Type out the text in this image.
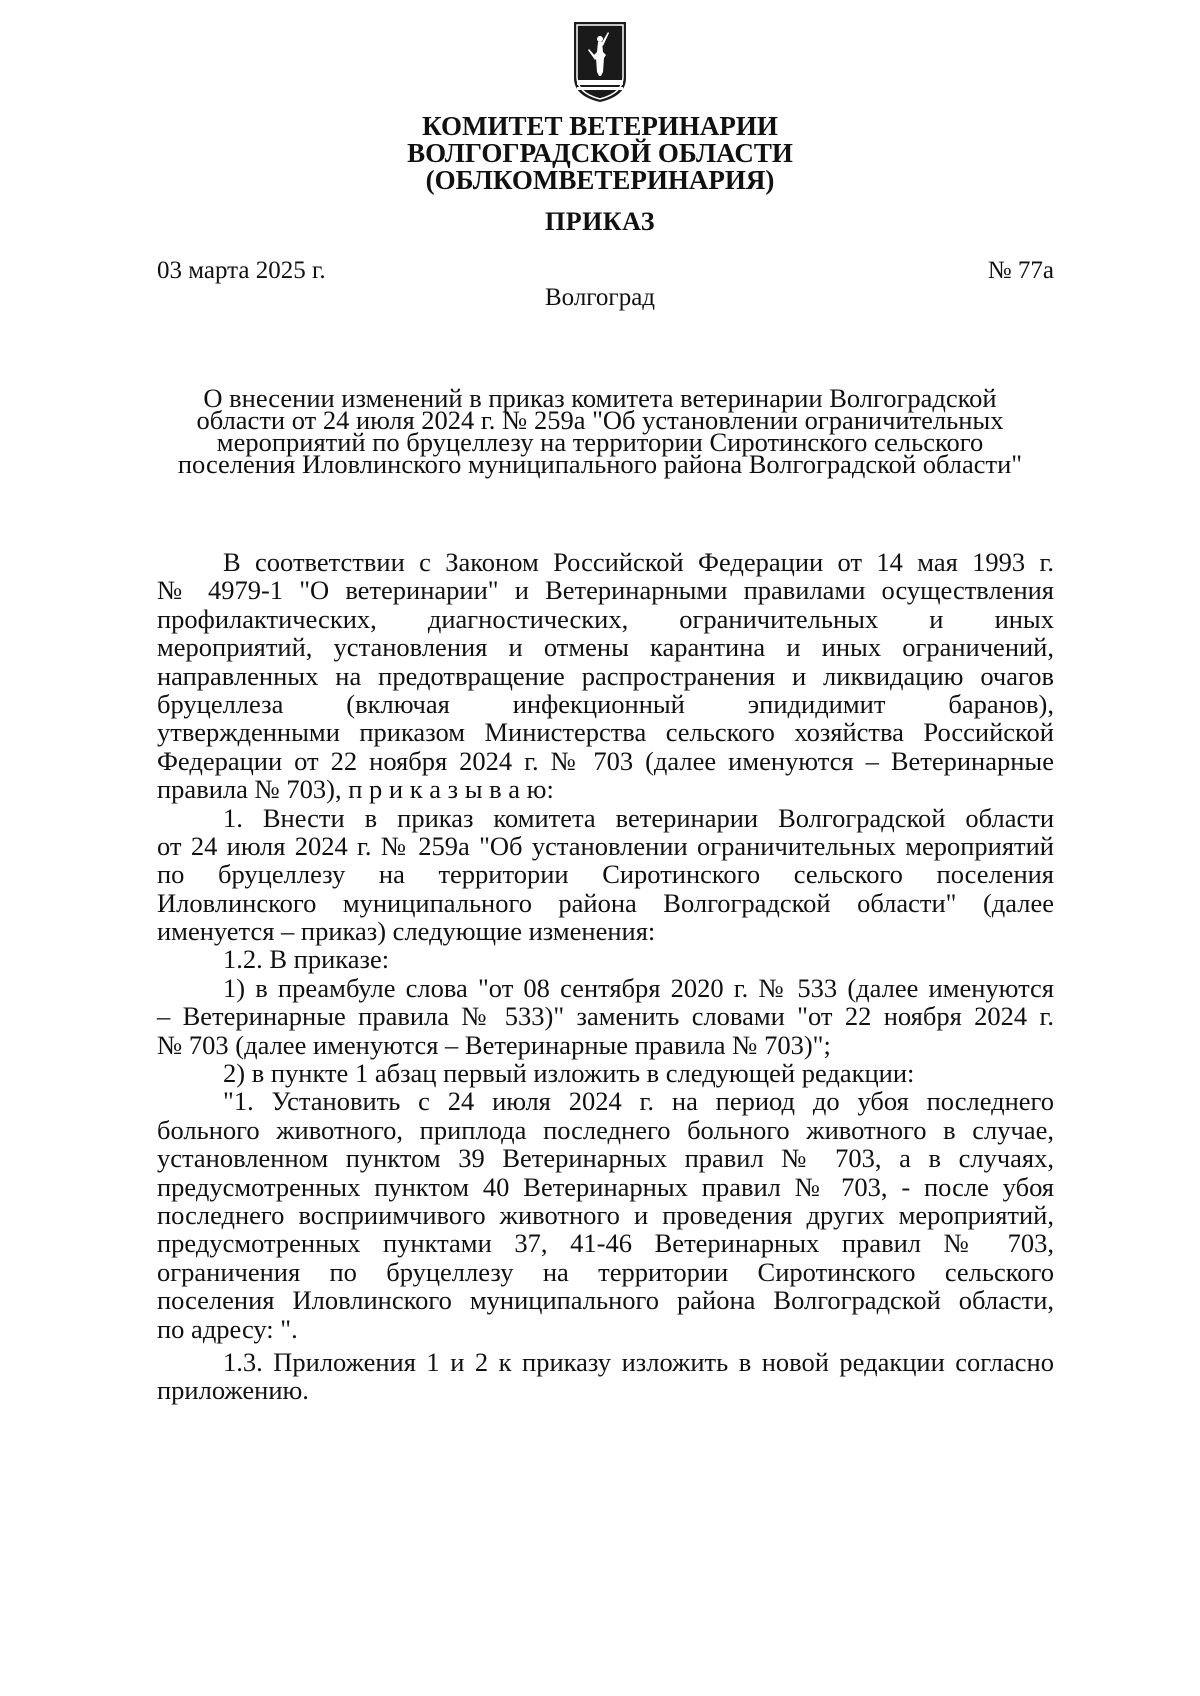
КОМИТЕТ ВЕТЕРИНАРИИ
ВОЛГОГРАДСКОЙ ОБЛАСТИ
(ОБЛКОМВЕТЕРИНАРИЯ)
ПРИКАЗ
03 марта 2025 г.	№ 77а
Волгоград
О внесении изменений в приказ комитета ветеринарии Волгоградской
области от 24 июля 2024 г. № 259а "Об установлении ограничительных
мероприятий по бруцеллезу на территории Сиротинского сельского
поселения Иловлинского муниципального района Волгоградской области"
В соответствии с Законом Российской Федерации от 14 мая 1993 г.
№ 4979-1 "О ветеринарии" и Ветеринарными правилами осуществления
профилактических, диагностических, ограничительных и иных
мероприятий, установления и отмены карантина и иных ограничений,
направленных на предотвращение распространения и ликвидацию очагов
бруцеллеза (включая инфекционный эпидидимит баранов),
утвержденными приказом Министерства сельского хозяйства Российской
Федерации от 22 ноября 2024 г. № 703 (далее именуются – Ветеринарные
правила № 703), п р и к а з ы в а ю:
1. Внести в приказ комитета ветеринарии Волгоградской области
от 24 июля 2024 г. № 259а "Об установлении ограничительных мероприятий
по бруцеллезу на территории Сиротинского сельского поселения
Иловлинского муниципального района Волгоградской области" (далее
именуется – приказ) следующие изменения:
1.2. В приказе:
1) в преамбуле слова "от 08 сентября 2020 г. № 533 (далее именуются
– Ветеринарные правила № 533)" заменить словами "от 22 ноября 2024 г.
№ 703 (далее именуются – Ветеринарные правила № 703)";
2) в пункте 1 абзац первый изложить в следующей редакции:
"1. Установить с 24 июля 2024 г. на период до убоя последнего
больного животного, приплода последнего больного животного в случае,
установленном пунктом 39 Ветеринарных правил № 703, а в случаях,
предусмотренных пунктом 40 Ветеринарных правил № 703, - после убоя
последнего восприимчивого животного и проведения других мероприятий,
предусмотренных пунктами 37, 41-46 Ветеринарных правил № 703,
ограничения по бруцеллезу на территории Сиротинского сельского
поселения Иловлинского муниципального района Волгоградской области,
по адресу: ".
1.3. Приложения 1 и 2 к приказу изложить в новой редакции согласно
приложению.
